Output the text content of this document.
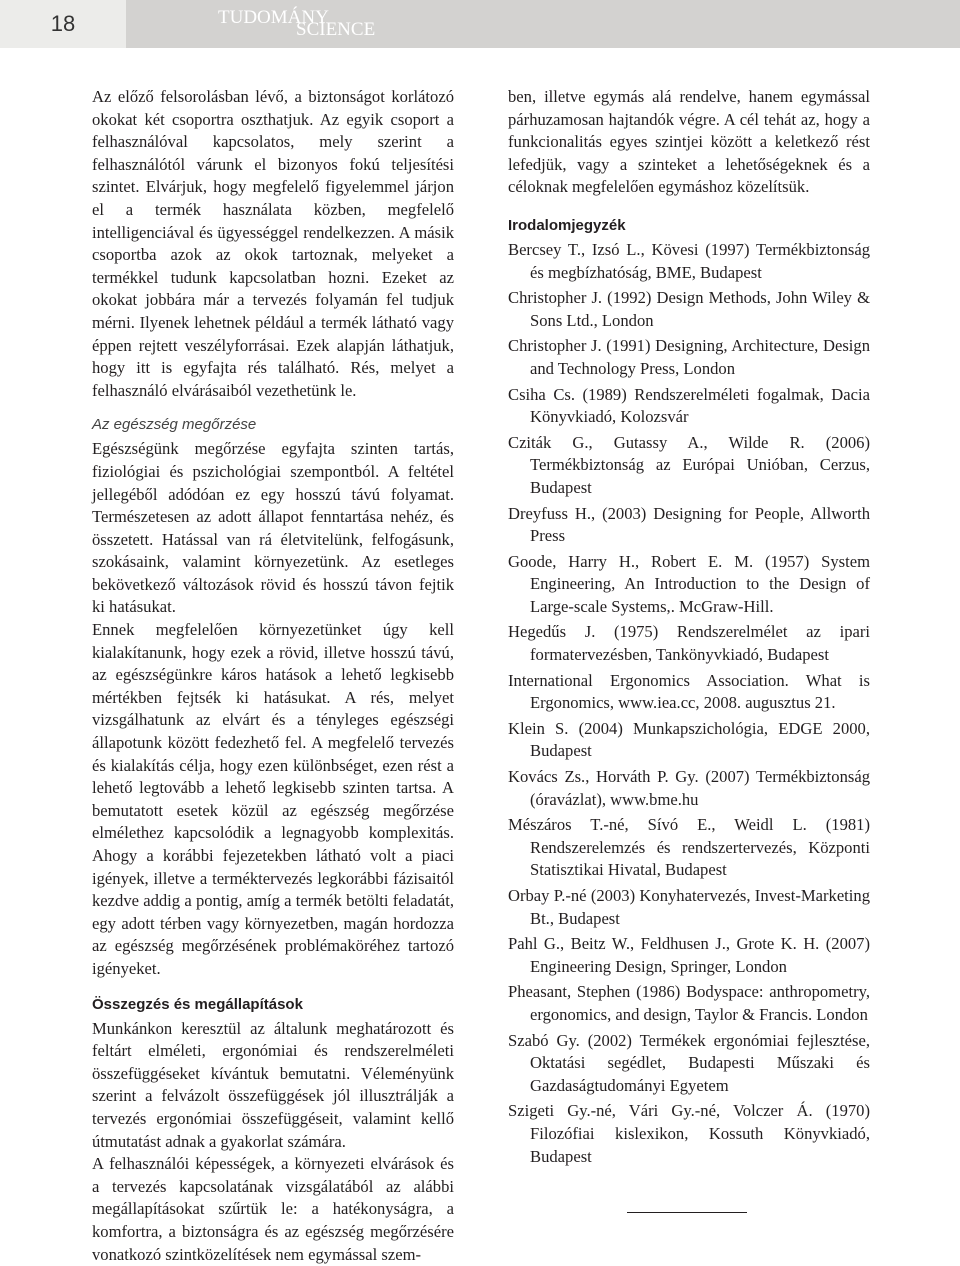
18	TUDOMÁNY
SCIENCE

Az előző felsorolásban lévő, a biztonságot korlátozó okokat két csoportra oszthatjuk. Az egyik csoport a felhasználóval kapcsolatos, mely szerint a felhasználótól várunk el bizonyos fokú teljesítési szintet. Elvárjuk, hogy megfelelő figyelemmel járjon el a termék használata közben, megfelelő intelligenciával és ügyességgel rendelkezzen. A másik csoportba azok az okok tartoznak, melyeket a termékkel tudunk kapcsolatban hozni. Ezeket az okokat jobbára már a tervezés folyamán fel tudjuk mérni. Ilyenek lehetnek például a termék látható vagy éppen rejtett veszélyforrásai. Ezek alapján láthatjuk, hogy itt is egyfajta rés található. Rés, melyet a felhasználó elvárásaiból vezethetünk le.

Az egészség megőrzése

Egészségünk megőrzése egyfajta szinten tartás, fiziológiai és pszichológiai szempontból. A feltétel jellegéből adódóan ez egy hosszú távú folyamat. Természetesen az adott állapot fenntartása nehéz, és összetett. Hatással van rá életvitelünk, felfogásunk, szokásaink, valamint környezetünk. Az esetleges bekövetkező változások rövid és hosszú távon fejtik ki hatásukat.

Ennek megfelelően környezetünket úgy kell kialakítanunk, hogy ezek a rövid, illetve hosszú távú, az egészségünkre káros hatások a lehető legkisebb mértékben fejtsék ki hatásukat. A rés, melyet vizsgálhatunk az elvárt és a tényleges egészségi állapotunk között fedezhető fel. A megfelelő tervezés és kialakítás célja, hogy ezen különbséget, ezen rést a lehető legtovább a lehető legkisebb szinten tartsa. A bemutatott esetek közül az egészség megőrzése elmélethez kapcsolódik a legnagyobb komplexitás. Ahogy a korábbi fejezetekben látható volt a piaci igények, illetve a terméktervezés legkorábbi fázisaitól kezdve addig a pontig, amíg a termék betölti feladatát, egy adott térben vagy környezetben, magán hordozza az egészség megőrzésének problémaköréhez tartozó igényeket.

Összegzés és megállapítások

Munkánkon keresztül az általunk meghatározott és feltárt elméleti, ergonómiai és rendszerelméleti összefüggéseket kívántuk bemutatni. Véleményünk szerint a felvázolt összefüggések jól illusztrálják a tervezés ergonómiai összefüggéseit, valamint kellő útmutatást adnak a gyakorlat számára.

A felhasználói képességek, a környezeti elvárások és a tervezés kapcsolatának vizsgálatából az alábbi megállapításokat szűrtük le: a hatékonyságra, a komfortra, a biztonságra és az egészség megőrzésére vonatkozó szintközelítések nem egymással szem-

ben, illetve egymás alá rendelve, hanem egymással párhuzamosan hajtandók végre. A cél tehát az, hogy a funkcionalitás egyes szintjei között a keletkező rést lefedjük, vagy a szinteket a lehetőségeknek és a céloknak megfelelően egymáshoz közelítsük.

Irodalomjegyzék
Bercsey T., Izsó L., Kövesi (1997) Termékbiztonság és megbízhatóság, BME, Budapest
Christopher J. (1992) Design Methods, John Wiley & Sons Ltd., London
Christopher J. (1991) Designing, Architecture, Design and Technology Press, London
Csiha Cs. (1989) Rendszerelméleti fogalmak, Dacia Könyvkiadó, Kolozsvár
Cziták G., Gutassy A., Wilde R. (2006) Termékbiztonság az Európai Unióban, Cerzus, Budapest
Dreyfuss H., (2003) Designing for People, Allworth Press
Goode, Harry H., Robert E. M. (1957) System Engineering, An Introduction to the Design of Large-scale Systems,. McGraw-Hill.
Hegedűs J. (1975) Rendszerelmélet az ipari formatervezésben, Tankönyvkiadó, Budapest
International Ergonomics Association. What is Ergonomics, www.iea.cc, 2008. augusztus 21.
Klein S. (2004) Munkapszichológia, EDGE 2000, Budapest
Kovács Zs., Horváth P. Gy. (2007) Termékbiztonság (óravázlat), www.bme.hu
Mészáros T.-né, Sívó E., Weidl L. (1981) Rendszerelemzés és rendszertervezés, Központi Statisztikai Hivatal, Budapest
Orbay P.-né (2003) Konyhatervezés, Invest-Marketing Bt., Budapest
Pahl G., Beitz W., Feldhusen J., Grote K. H. (2007) Engineering Design, Springer, London
Pheasant, Stephen (1986) Bodyspace: anthropometry, ergonomics, and design, Taylor & Francis. London
Szabó Gy. (2002) Termékek ergonómiai fejlesztése, Oktatási segédlet, Budapesti Műszaki és Gazdaságtudományi Egyetem
Szigeti Gy.-né, Vári Gy.-né, Volczer Á. (1970) Filozófiai kislexikon, Kossuth Könyvkiadó, Budapest
